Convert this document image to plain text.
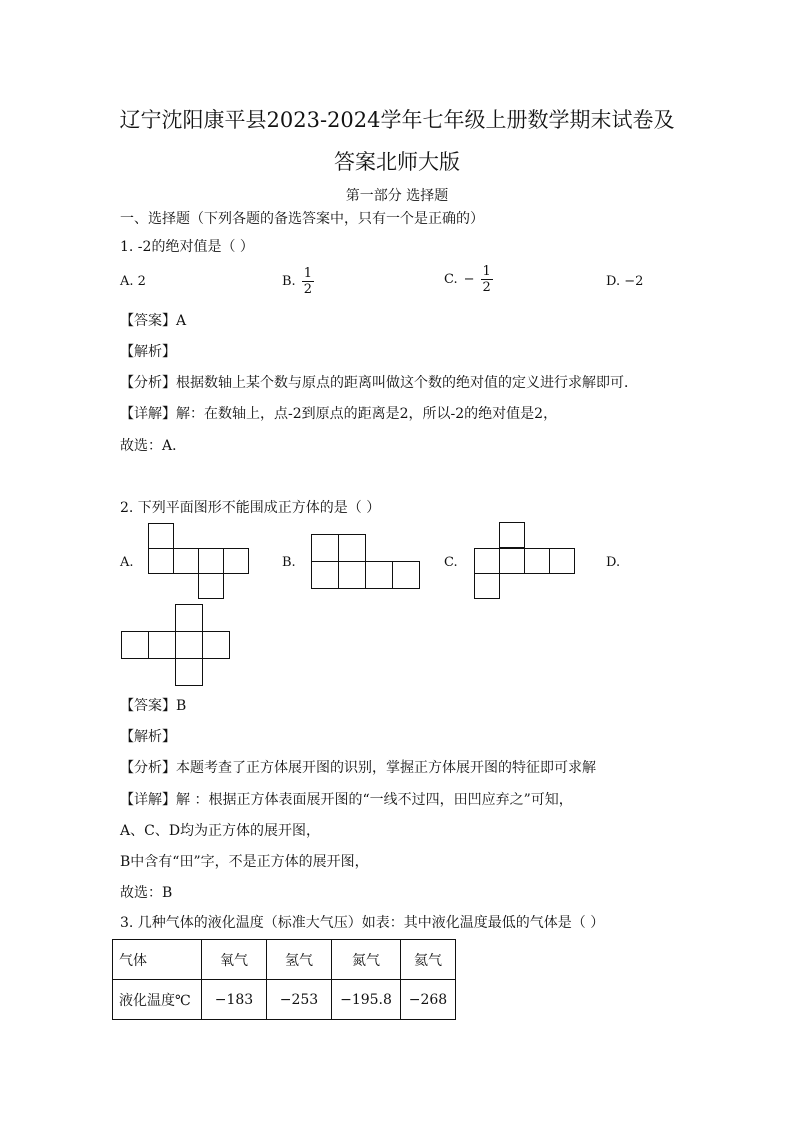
辽宁沈阳康平县2023-2024学年七年级上册数学期末试卷及
答案北师大版
第一部分 选择题
一、选择题（下列各题的备选答案中，只有一个是正确的）
1. -2的绝对值是（ ）
A. 2	B. $\frac{1}{2}$	C. − $\frac{1}{2}$	D. −2
【答案】A
【解析】
【分析】根据数轴上某个数与原点的距离叫做这个数的绝对值的定义进行求解即可．
【详解】解：在数轴上，点-2到原点的距离是2，所以-2的绝对值是2，
故选：A．
2. 下列平面图形不能围成正方体的是（ ）
A.	B.	C.	D.
【答案】B
【解析】
【分析】本题考查了正方体展开图的识别，掌握正方体展开图的特征即可求解
【详解】解 ：根据正方体表面展开图的“一线不过四，田凹应弃之”可知，
A、C、D均为正方体的展开图，
B中含有“田”字，不是正方体的展开图，
故选：B
3. 几种气体的液化温度（标准大气压）如表：其中液化温度最低的气体是（ ）
气体	氧气	氢气	氮气	氦气
液化温度℃	−183	−253	−195.8	−268
